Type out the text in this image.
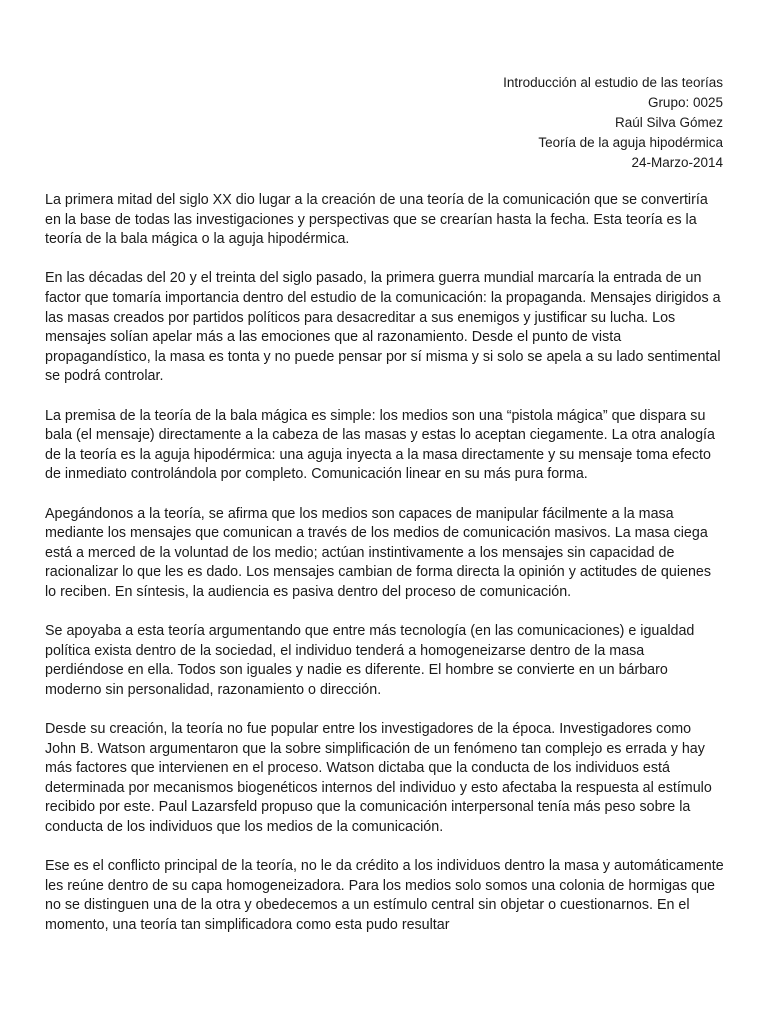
Introducción al estudio de las teorías
Grupo: 0025
Raúl Silva Gómez
Teoría de la aguja hipodérmica
24-Marzo-2014

La primera mitad del siglo XX dio lugar a la creación de una teoría de la comunicación que se convertiría en la base de todas las investigaciones y perspectivas que se crearían hasta la fecha. Esta teoría es la teoría de la bala mágica o la aguja hipodérmica.

En las décadas del 20 y el treinta del siglo pasado, la primera guerra mundial marcaría la entrada de un factor que tomaría importancia dentro del estudio de la comunicación: la propaganda. Mensajes dirigidos a las masas creados por partidos políticos para desacreditar a sus enemigos y justificar su lucha. Los mensajes solían apelar más a las emociones que al razonamiento. Desde el punto de vista propagandístico, la masa es tonta y no puede pensar por sí misma y si solo se apela a su lado sentimental se podrá controlar.

La premisa de la teoría de la bala mágica es simple: los medios son una “pistola mágica” que dispara su bala (el mensaje) directamente a la cabeza de las masas y estas lo aceptan ciegamente. La otra analogía de la teoría es la aguja hipodérmica: una aguja inyecta a la masa directamente y su mensaje toma efecto de inmediato controlándola por completo. Comunicación linear en su más pura forma.

Apegándonos a la teoría, se afirma que los medios son capaces de manipular fácilmente a la masa mediante los mensajes que comunican a través de los medios de comunicación masivos. La masa ciega está a merced de la voluntad de los medio; actúan instintivamente a los mensajes sin capacidad de racionalizar lo que les es dado. Los mensajes cambian de forma directa la opinión y actitudes de quienes lo reciben. En síntesis, la audiencia es pasiva dentro del proceso de comunicación.

Se apoyaba a esta teoría argumentando que entre más tecnología (en las comunicaciones) e igualdad política exista dentro de la sociedad, el individuo tenderá a homogeneizarse dentro de la masa perdiéndose en ella. Todos son iguales y nadie es diferente. El hombre se convierte en un bárbaro moderno sin personalidad, razonamiento o dirección.

Desde su creación, la teoría no fue popular entre los investigadores de la época. Investigadores como John B. Watson argumentaron que la sobre simplificación de un fenómeno tan complejo es errada y hay más factores que intervienen en el proceso. Watson dictaba que la conducta de los individuos está determinada por mecanismos biogenéticos internos del individuo y esto afectaba la respuesta al estímulo recibido por este. Paul Lazarsfeld propuso que la comunicación interpersonal tenía más peso sobre la conducta de los individuos que los medios de la comunicación.

Ese es el conflicto principal de la teoría, no le da crédito a los individuos dentro la masa y automáticamente les reúne dentro de su capa homogeneizadora. Para los medios solo somos una colonia de hormigas que no se distinguen una de la otra y obedecemos a un estímulo central sin objetar o cuestionarnos. En el momento, una teoría tan simplificadora como esta pudo resultar
